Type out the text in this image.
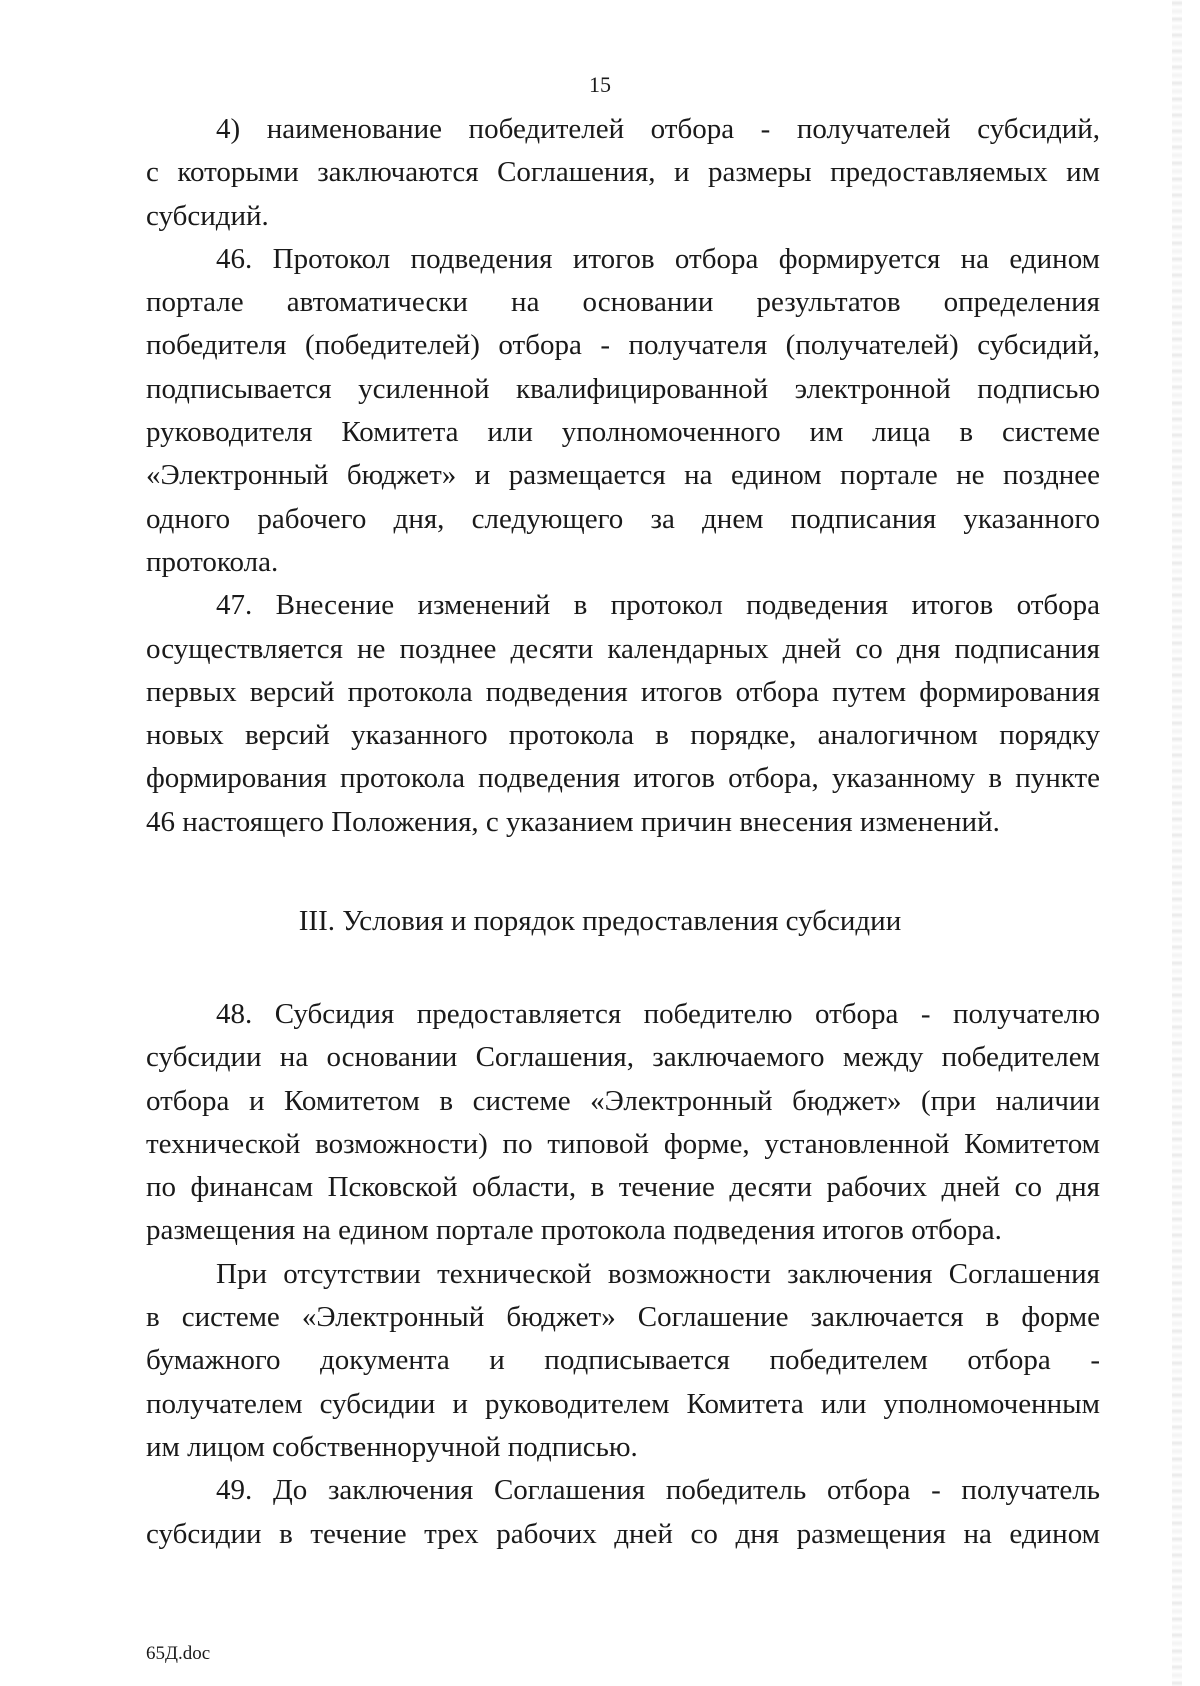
15
4) наименование победителей отбора - получателей субсидий,
с которыми заключаются Соглашения, и размеры предоставляемых им
субсидий.
46. Протокол подведения итогов отбора формируется на едином
портале автоматически на основании результатов определения
победителя (победителей) отбора - получателя (получателей) субсидий,
подписывается усиленной квалифицированной электронной подписью
руководителя Комитета или уполномоченного им лица в системе
«Электронный бюджет» и размещается на едином портале не позднее
одного рабочего дня, следующего за днем подписания указанного
протокола.
47. Внесение изменений в протокол подведения итогов отбора
осуществляется не позднее десяти календарных дней со дня подписания
первых версий протокола подведения итогов отбора путем формирования
новых версий указанного протокола в порядке, аналогичном порядку
формирования протокола подведения итогов отбора, указанному в пункте
46 настоящего Положения, с указанием причин внесения изменений.
III. Условия и порядок предоставления субсидии
48. Субсидия предоставляется победителю отбора - получателю
субсидии на основании Соглашения, заключаемого между победителем
отбора и Комитетом в системе «Электронный бюджет» (при наличии
технической возможности) по типовой форме, установленной Комитетом
по финансам Псковской области, в течение десяти рабочих дней со дня
размещения на едином портале протокола подведения итогов отбора.
При отсутствии технической возможности заключения Соглашения
в системе «Электронный бюджет» Соглашение заключается в форме
бумажного документа и подписывается победителем отбора -
получателем субсидии и руководителем Комитета или уполномоченным
им лицом собственноручной подписью.
49. До заключения Соглашения победитель отбора - получатель
субсидии в течение трех рабочих дней со дня размещения на едином
65Д.doc
